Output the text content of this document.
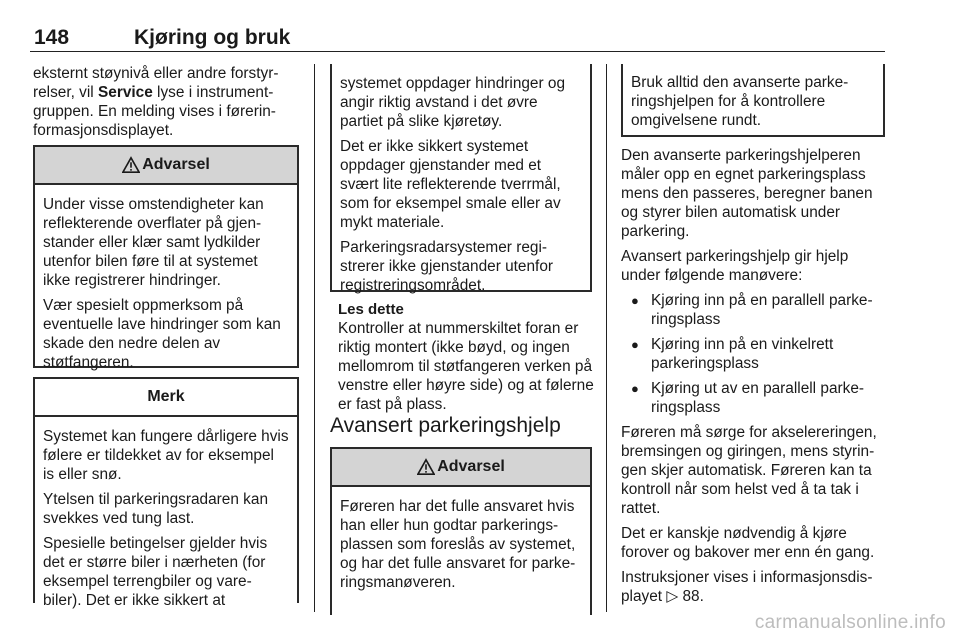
148	Kjøring og bruk

eksternt støynivå eller andre forstyr-relser, vil Service lyse i instrument-gruppen. En melding vises i førerin-formasjonsdisplayet.

Advarsel

Under visse omstendigheter kan reflekterende overflater på gjen-stander eller klær samt lydkilder utenfor bilen føre til at systemet ikke registrerer hindringer.

Vær spesielt oppmerksom på eventuelle lave hindringer som kan skade den nedre delen av støtfangeren.

Merk

Systemet kan fungere dårligere hvis følere er tildekket av for eksempel is eller snø.

Ytelsen til parkeringsradaren kan svekkes ved tung last.

Spesielle betingelser gjelder hvis det er større biler i nærheten (for eksempel terrengbiler og vare-biler). Det er ikke sikkert at

systemet oppdager hindringer og angir riktig avstand i det øvre partiet på slike kjøretøy.

Det er ikke sikkert systemet oppdager gjenstander med et svært lite reflekterende tverrmål, som for eksempel smale eller av mykt materiale.

Parkeringsradarsystemer regi-strerer ikke gjenstander utenfor registreringsområdet.

Les dette

Kontroller at nummerskiltet foran er riktig montert (ikke bøyd, og ingen mellomrom til støtfangeren verken på venstre eller høyre side) og at følerne er fast på plass.

Avansert parkeringshjelp
Advarsel

Føreren har det fulle ansvaret hvis han eller hun godtar parkerings-plassen som foreslås av systemet, og har det fulle ansvaret for parke-ringsmanøveren.

Bruk alltid den avanserte parke-ringshjelpen for å kontrollere omgivelsene rundt.

Den avanserte parkeringshjelperen måler opp en egnet parkeringsplass mens den passeres, beregner banen og styrer bilen automatisk under parkering.

Avansert parkeringshjelp gir hjelp under følgende manøvere:

● Kjøring inn på en parallell parke-ringsplass
● Kjøring inn på en vinkelrett parkeringsplass
● Kjøring ut av en parallell parke-ringsplass

Føreren må sørge for akselereringen, bremsingen og giringen, mens styrin-gen skjer automatisk. Føreren kan ta kontroll når som helst ved å ta tak i rattet.

Det er kanskje nødvendig å kjøre forover og bakover mer enn én gang.

Instruksjoner vises i informasjonsdis-playet ▷ 88.

carmanualsonline.info
